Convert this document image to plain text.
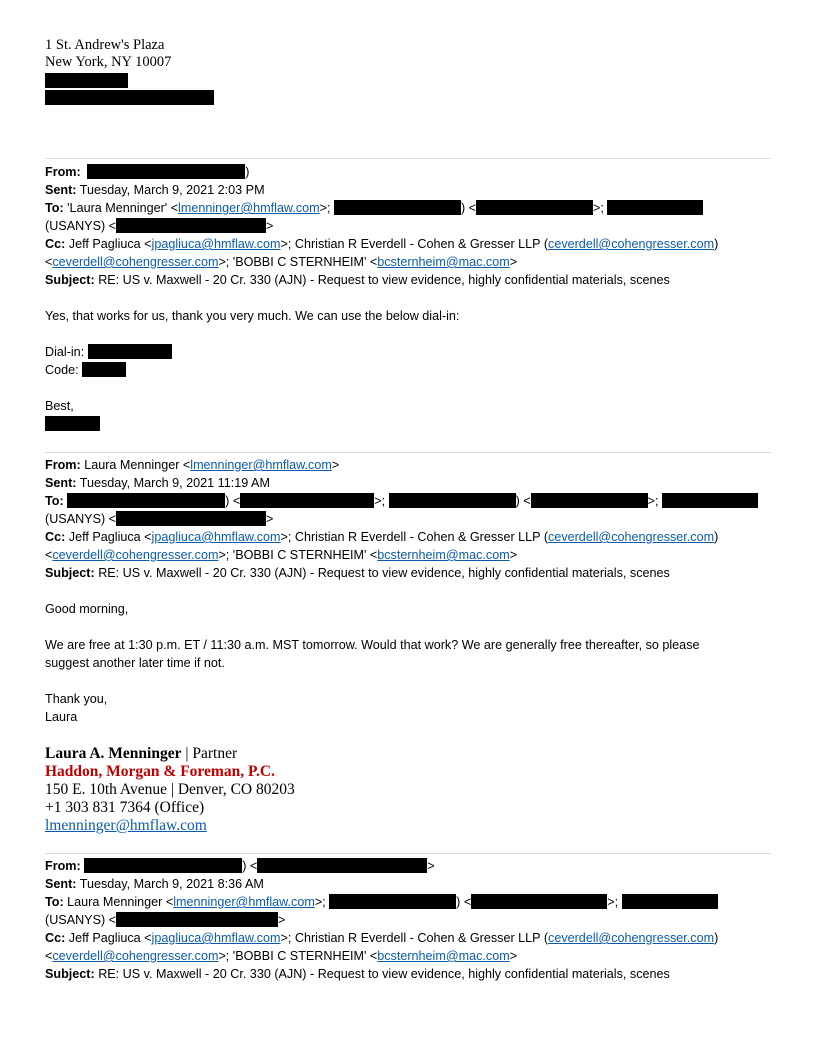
1 St. Andrew's Plaza
New York, NY 10007
From:	)
Sent: Tuesday, March 9, 2021 2:03 PM
To: 'Laura Menninger' <lmenninger@hmflaw.com>;	) <	>;
(USANYS) <	>
Cc: Jeff Pagliuca <jpagliuca@hmflaw.com>; Christian R Everdell - Cohen & Gresser LLP (ceverdell@cohengresser.com)
<ceverdell@cohengresser.com>; 'BOBBI C STERNHEIM' <bcsternheim@mac.com>
Subject: RE: US v. Maxwell - 20 Cr. 330 (AJN) - Request to view evidence, highly confidential materials, scenes
Yes, that works for us, thank you very much. We can use the below dial-in:
Dial-in:
Code:
Best,
From: Laura Menninger <lmenninger@hmflaw.com>
Sent: Tuesday, March 9, 2021 11:19 AM
To:	) <	>;	) <	>;
(USANYS) <	>
Cc: Jeff Pagliuca <jpagliuca@hmflaw.com>; Christian R Everdell - Cohen & Gresser LLP (ceverdell@cohengresser.com)
<ceverdell@cohengresser.com>; 'BOBBI C STERNHEIM' <bcsternheim@mac.com>
Subject: RE: US v. Maxwell - 20 Cr. 330 (AJN) - Request to view evidence, highly confidential materials, scenes
Good morning,
We are free at 1:30 p.m. ET / 11:30 a.m. MST tomorrow. Would that work? We are generally free thereafter, so please
suggest another later time if not.
Thank you,
Laura
Laura A. Menninger | Partner
Haddon, Morgan & Foreman, P.C.
150 E. 10th Avenue | Denver, CO 80203
+1 303 831 7364 (Office)
lmenninger@hmflaw.com
From:	) <	>
Sent: Tuesday, March 9, 2021 8:36 AM
To: Laura Menninger <lmenninger@hmflaw.com>;	) <	>;
(USANYS) <	>
Cc: Jeff Pagliuca <jpagliuca@hmflaw.com>; Christian R Everdell - Cohen & Gresser LLP (ceverdell@cohengresser.com)
<ceverdell@cohengresser.com>; 'BOBBI C STERNHEIM' <bcsternheim@mac.com>
Subject: RE: US v. Maxwell - 20 Cr. 330 (AJN) - Request to view evidence, highly confidential materials, scenes
